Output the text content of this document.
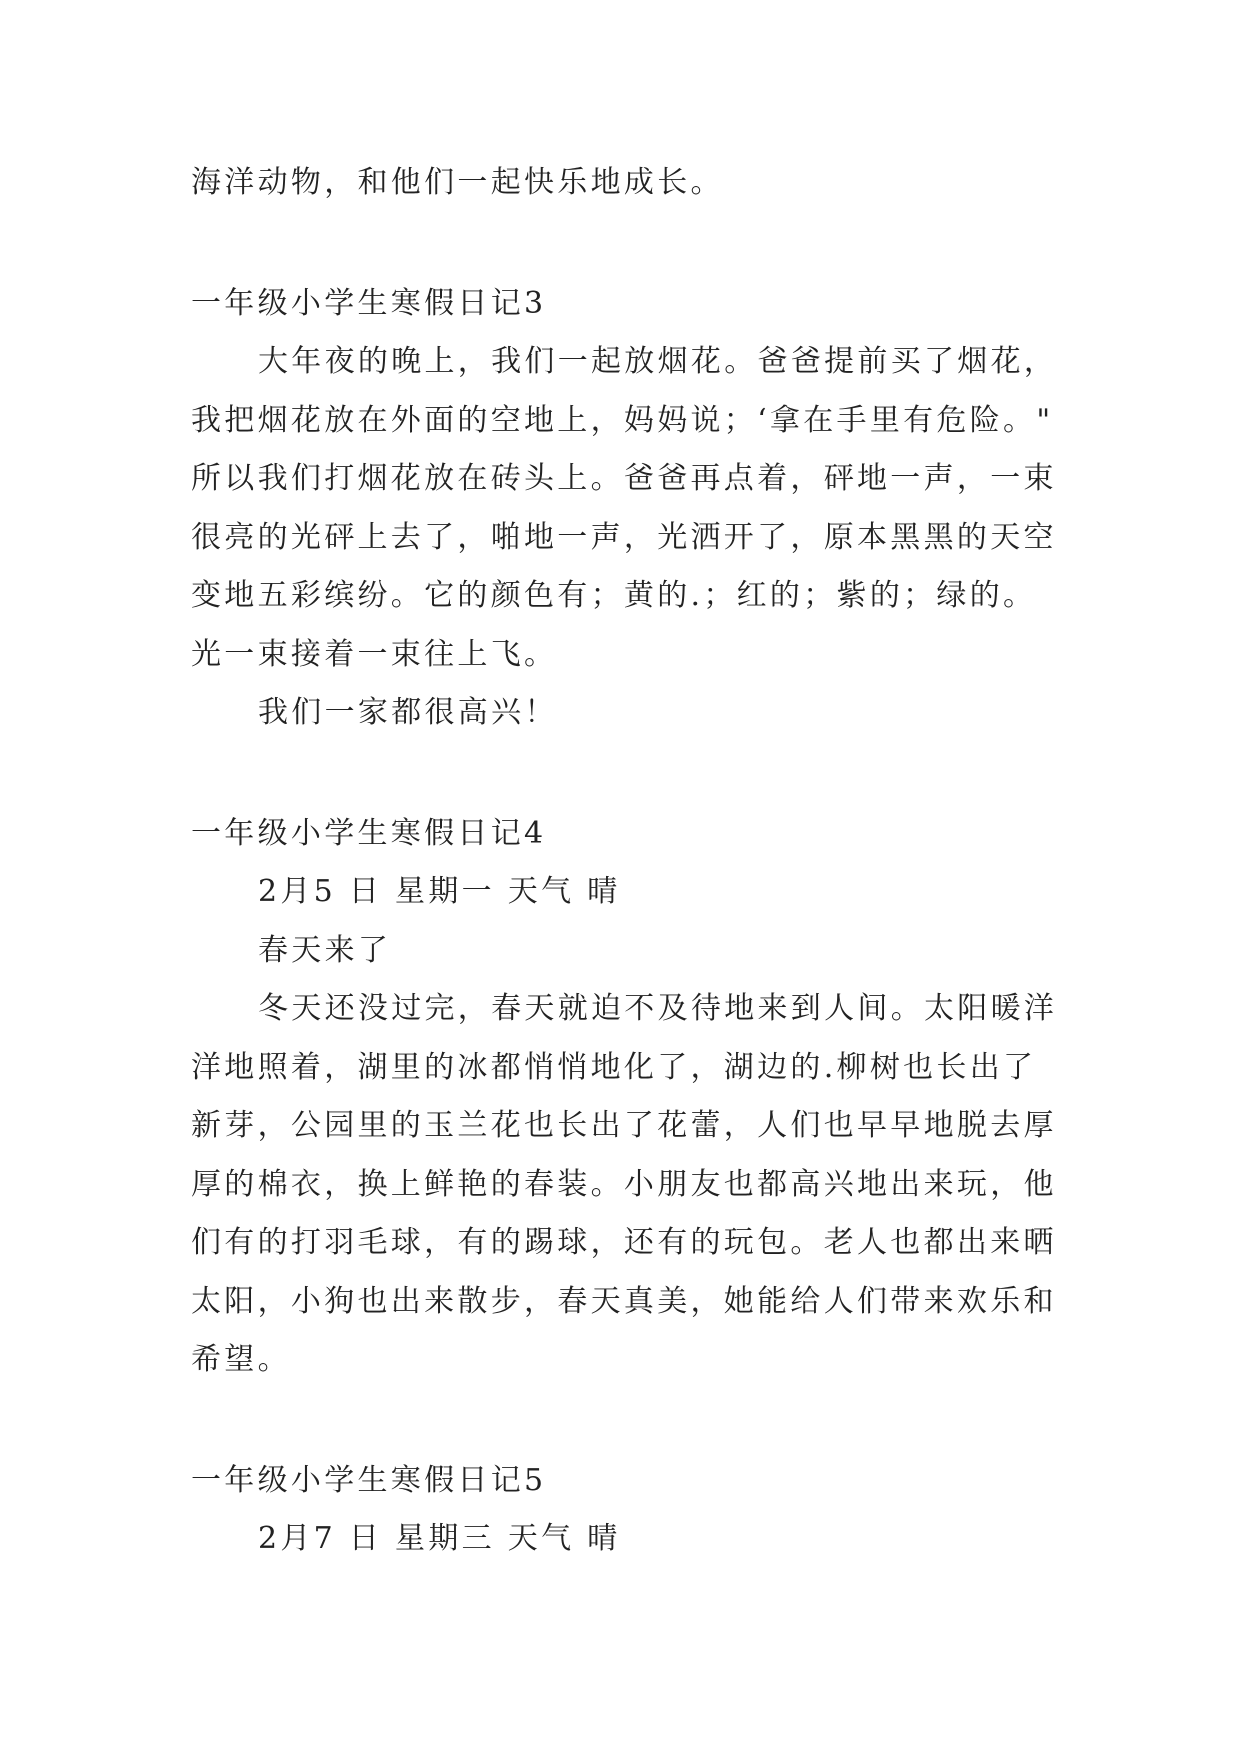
海洋动物，和他们一起快乐地成长。
一年级小学生寒假日记3
大年夜的晚上，我们一起放烟花。爸爸提前买了烟花，
我把烟花放在外面的空地上，妈妈说；‘拿在手里有危险。"
所以我们打烟花放在砖头上。爸爸再点着，砰地一声，一束
很亮的光砰上去了，啪地一声，光洒开了，原本黑黑的天空
变地五彩缤纷。它的颜色有；黄的.；红的；紫的；绿的。
光一束接着一束往上飞。
我们一家都很高兴！
一年级小学生寒假日记4
2月5 日 星期一 天气 晴
春天来了
冬天还没过完，春天就迫不及待地来到人间。太阳暖洋
洋地照着，湖里的冰都悄悄地化了，湖边的.柳树也长出了
新芽，公园里的玉兰花也长出了花蕾，人们也早早地脱去厚
厚的棉衣，换上鲜艳的春装。小朋友也都高兴地出来玩，他
们有的打羽毛球，有的踢球，还有的玩包。老人也都出来晒
太阳，小狗也出来散步，春天真美，她能给人们带来欢乐和
希望。
一年级小学生寒假日记5
2月7 日 星期三 天气 晴
